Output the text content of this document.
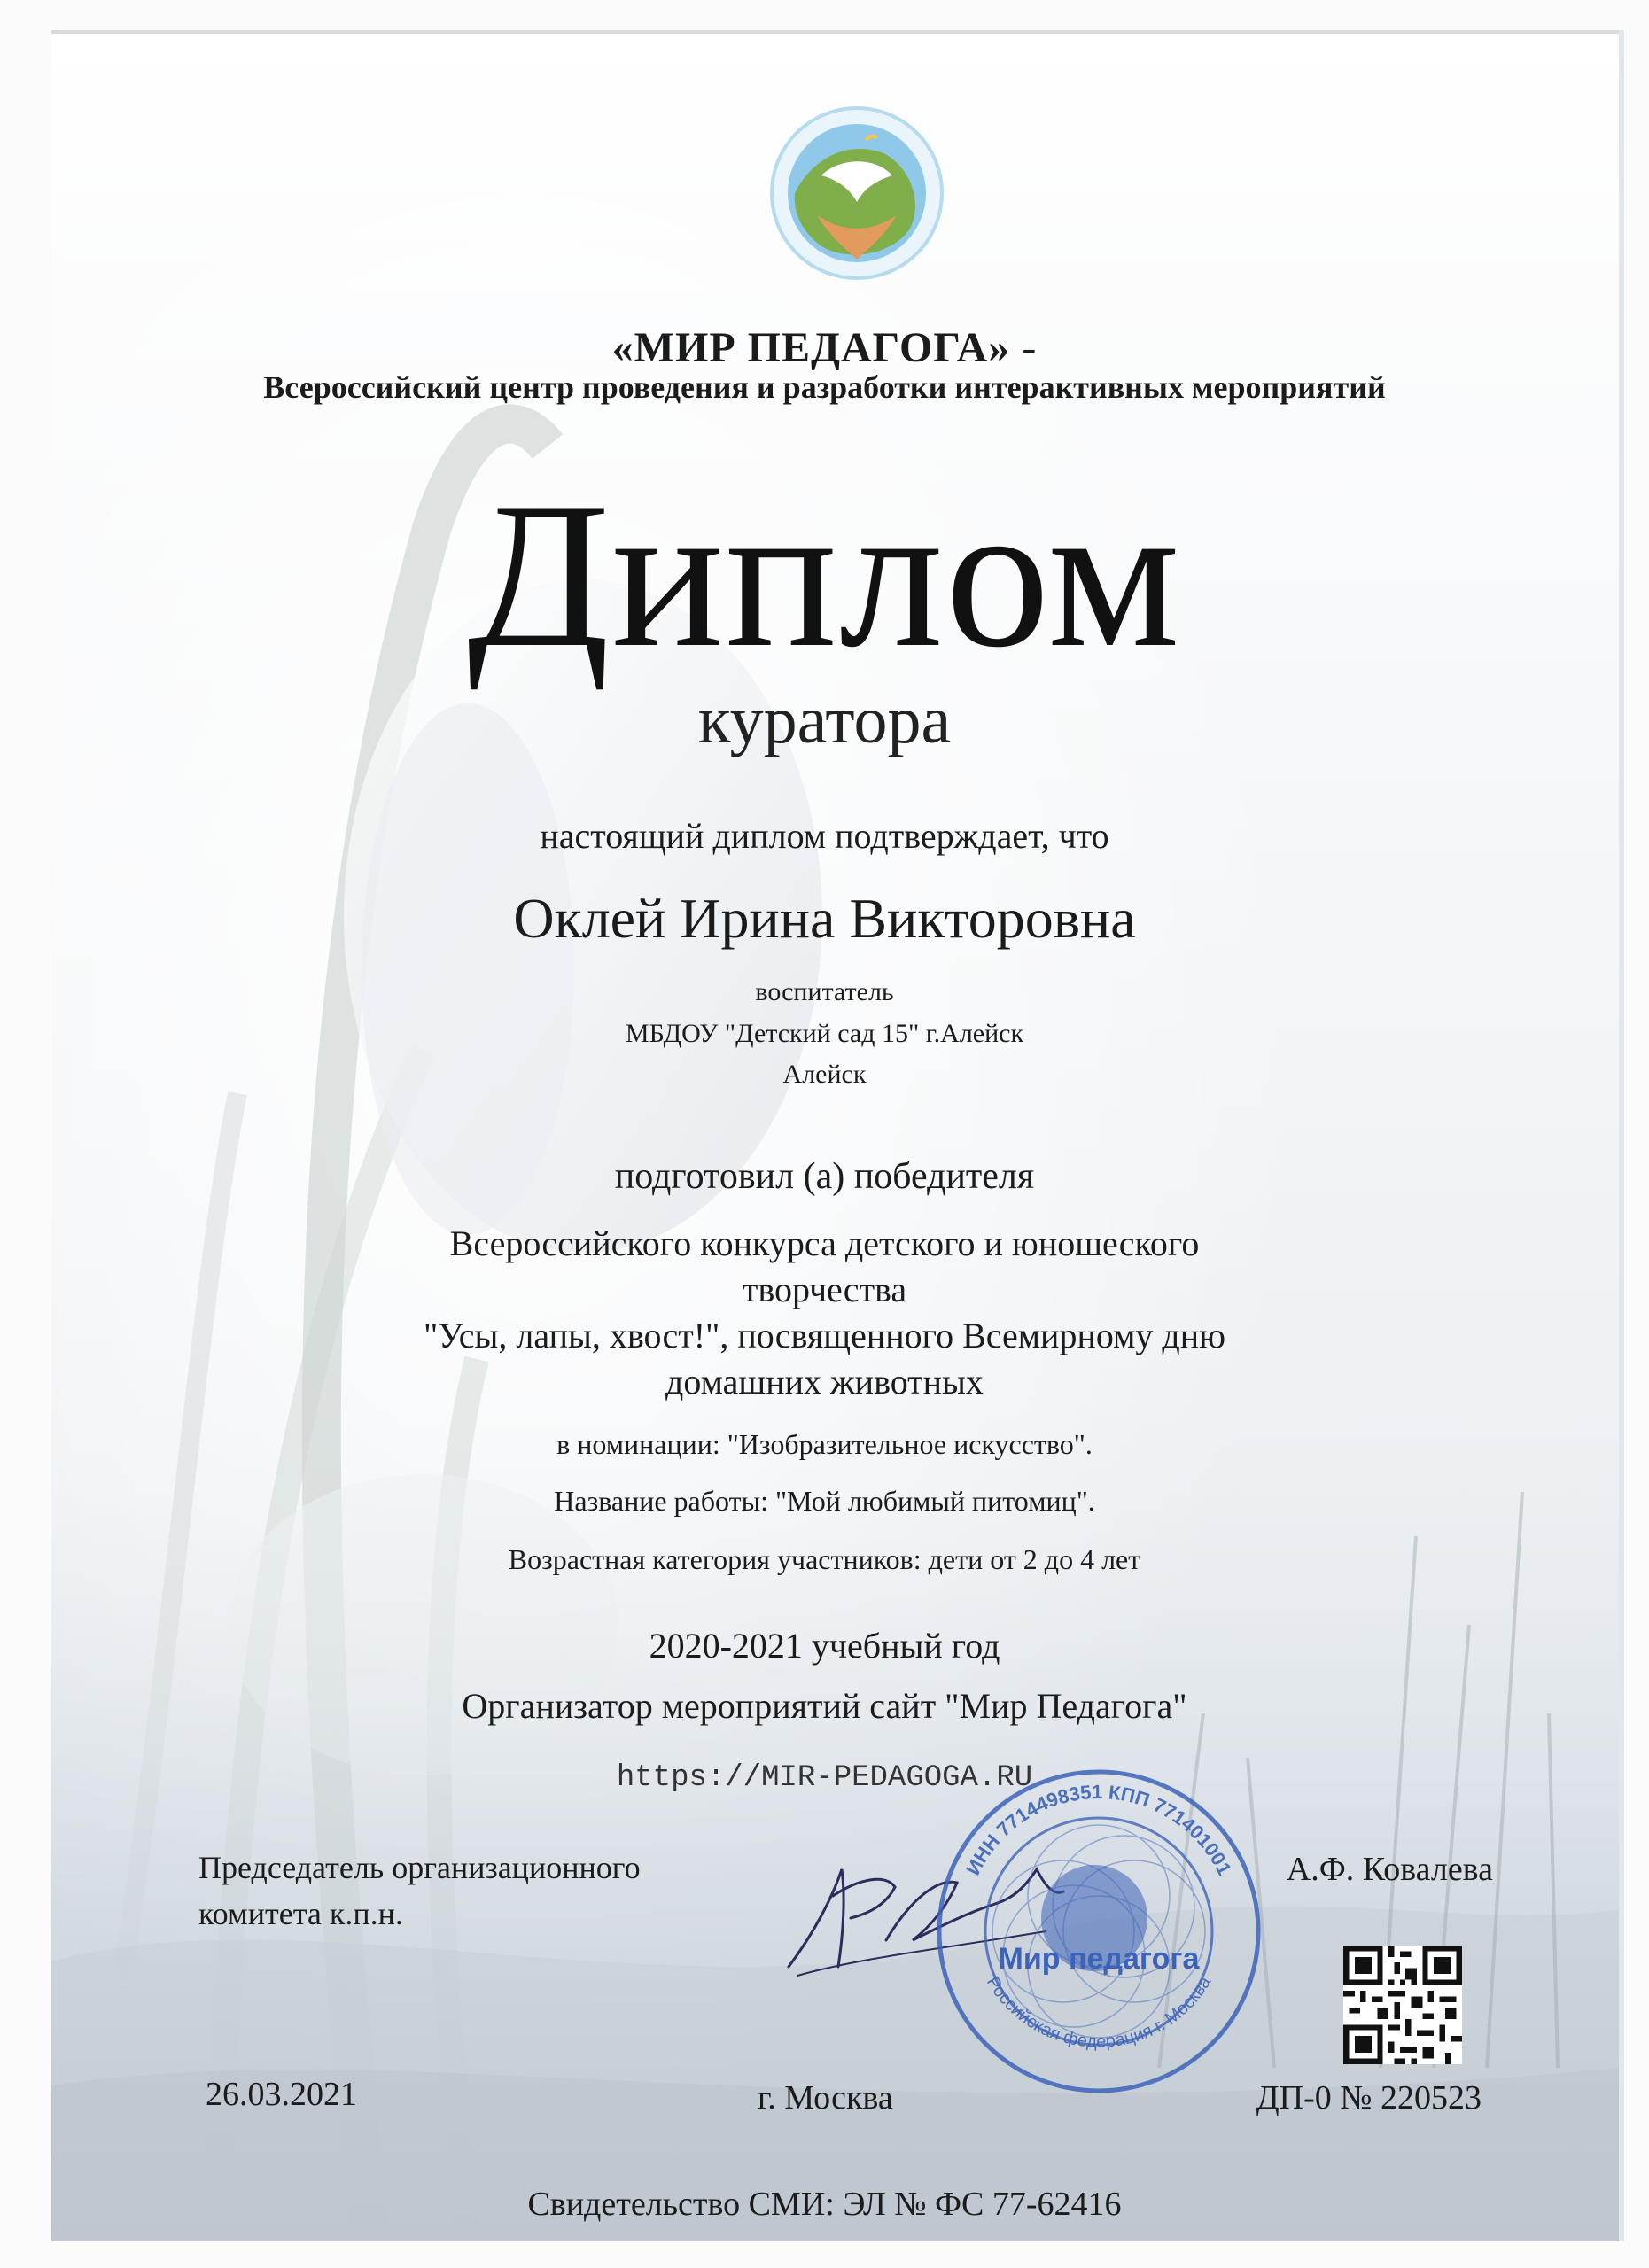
«МИР ПЕДАГОГА» -
Всероссийский центр проведения и разработки интерактивных мероприятий
Диплом
куратора
настоящий диплом подтверждает, что
Оклей Ирина Викторовна
воспитатель
МБДОУ "Детский сад 15" г.Алейск
Алейск
подготовил (а) победителя
Всероссийского конкурса детского и юношеского
творчества
"Усы, лапы, хвост!", посвященного Всемирному дню
домашних животных
в номинации: "Изобразительное искусство".
Название работы: "Мой любимый питомиц".
Возрастная категория участников: дети от 2 до 4 лет
2020-2021 учебный год
Организатор мероприятий сайт "Мир Педагога"
https://MIR-PEDAGOGA.RU
Председатель организационного
комитета к.п.н.
ИНН 7714498351 КПП 771401001
Российская федерация г. Москва
Мир педагога
А.Ф. Ковалева
26.03.2021	г. Москва	ДП-0 № 220523
Свидетельство СМИ: ЭЛ № ФС 77-62416
